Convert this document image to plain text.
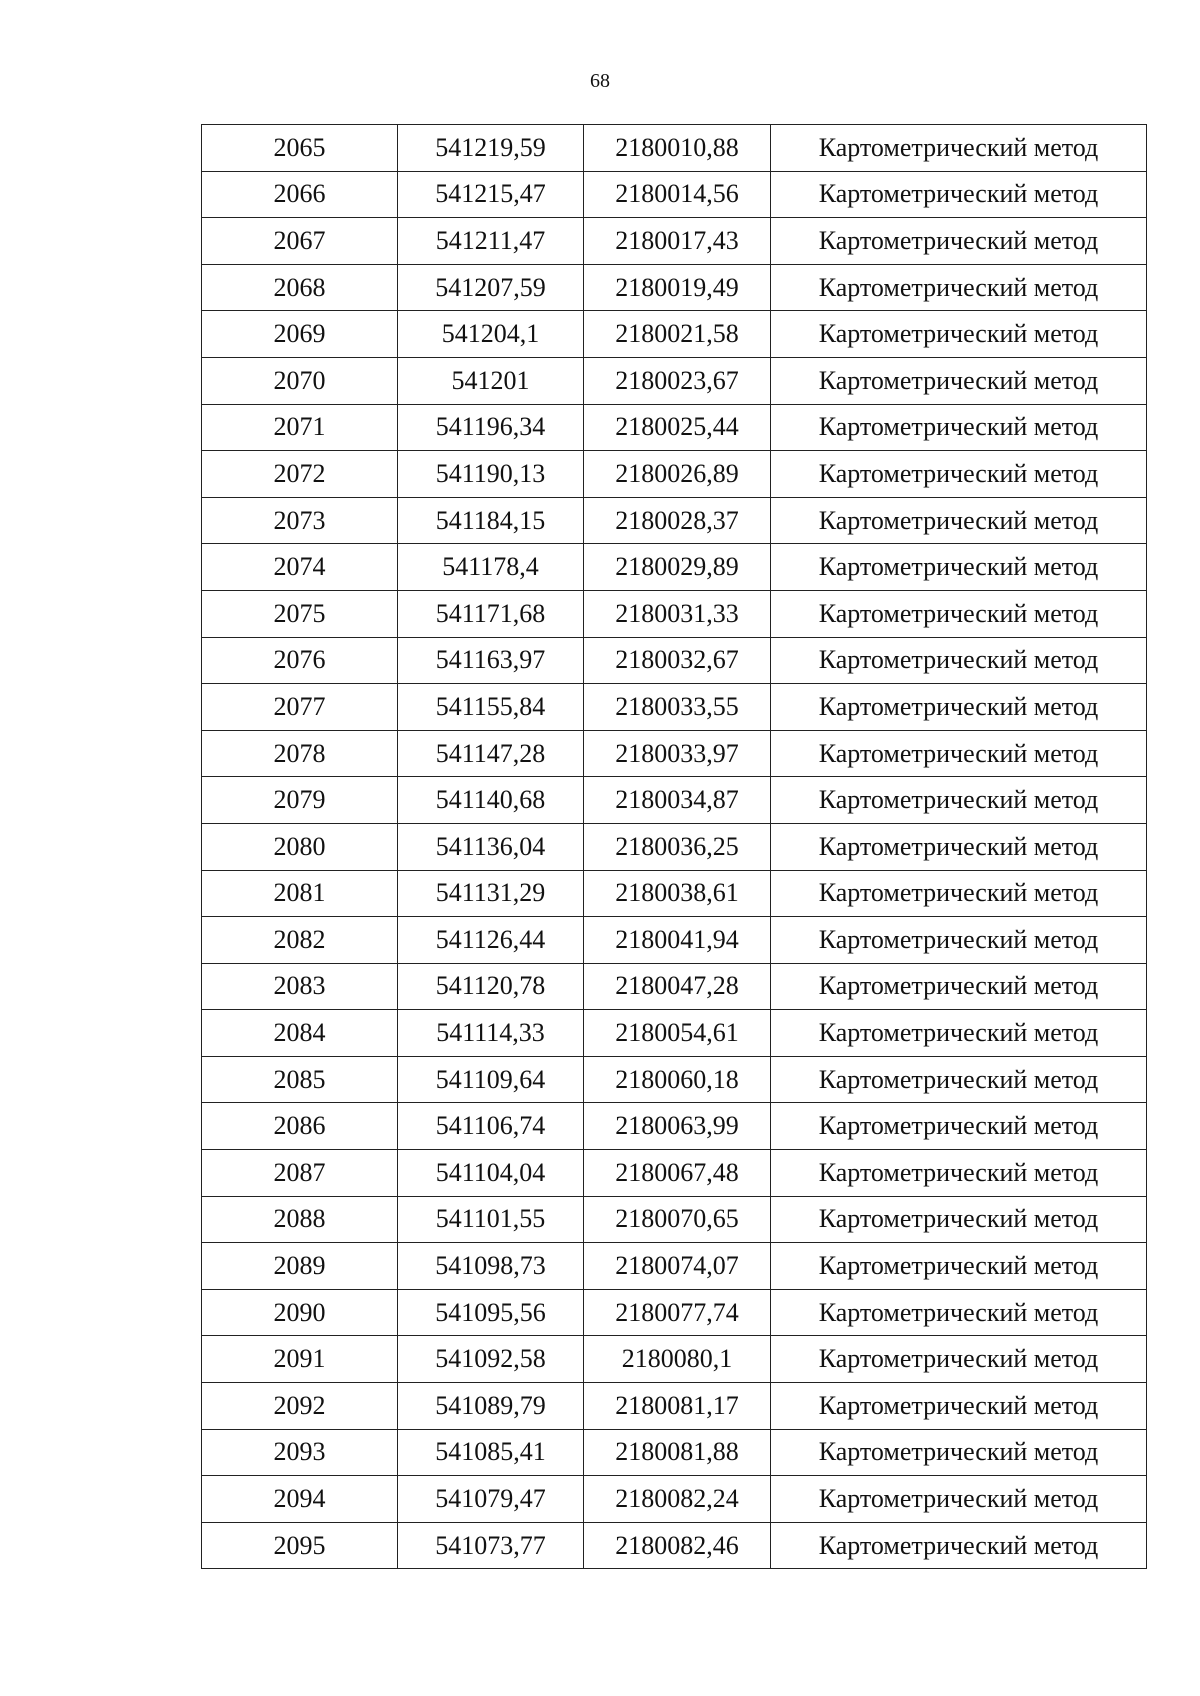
68
2065	541219,59	2180010,88	Картометрический метод
2066	541215,47	2180014,56	Картометрический метод
2067	541211,47	2180017,43	Картометрический метод
2068	541207,59	2180019,49	Картометрический метод
2069	541204,1	2180021,58	Картометрический метод
2070	541201	2180023,67	Картометрический метод
2071	541196,34	2180025,44	Картометрический метод
2072	541190,13	2180026,89	Картометрический метод
2073	541184,15	2180028,37	Картометрический метод
2074	541178,4	2180029,89	Картометрический метод
2075	541171,68	2180031,33	Картометрический метод
2076	541163,97	2180032,67	Картометрический метод
2077	541155,84	2180033,55	Картометрический метод
2078	541147,28	2180033,97	Картометрический метод
2079	541140,68	2180034,87	Картометрический метод
2080	541136,04	2180036,25	Картометрический метод
2081	541131,29	2180038,61	Картометрический метод
2082	541126,44	2180041,94	Картометрический метод
2083	541120,78	2180047,28	Картометрический метод
2084	541114,33	2180054,61	Картометрический метод
2085	541109,64	2180060,18	Картометрический метод
2086	541106,74	2180063,99	Картометрический метод
2087	541104,04	2180067,48	Картометрический метод
2088	541101,55	2180070,65	Картометрический метод
2089	541098,73	2180074,07	Картометрический метод
2090	541095,56	2180077,74	Картометрический метод
2091	541092,58	2180080,1	Картометрический метод
2092	541089,79	2180081,17	Картометрический метод
2093	541085,41	2180081,88	Картометрический метод
2094	541079,47	2180082,24	Картометрический метод
2095	541073,77	2180082,46	Картометрический метод
